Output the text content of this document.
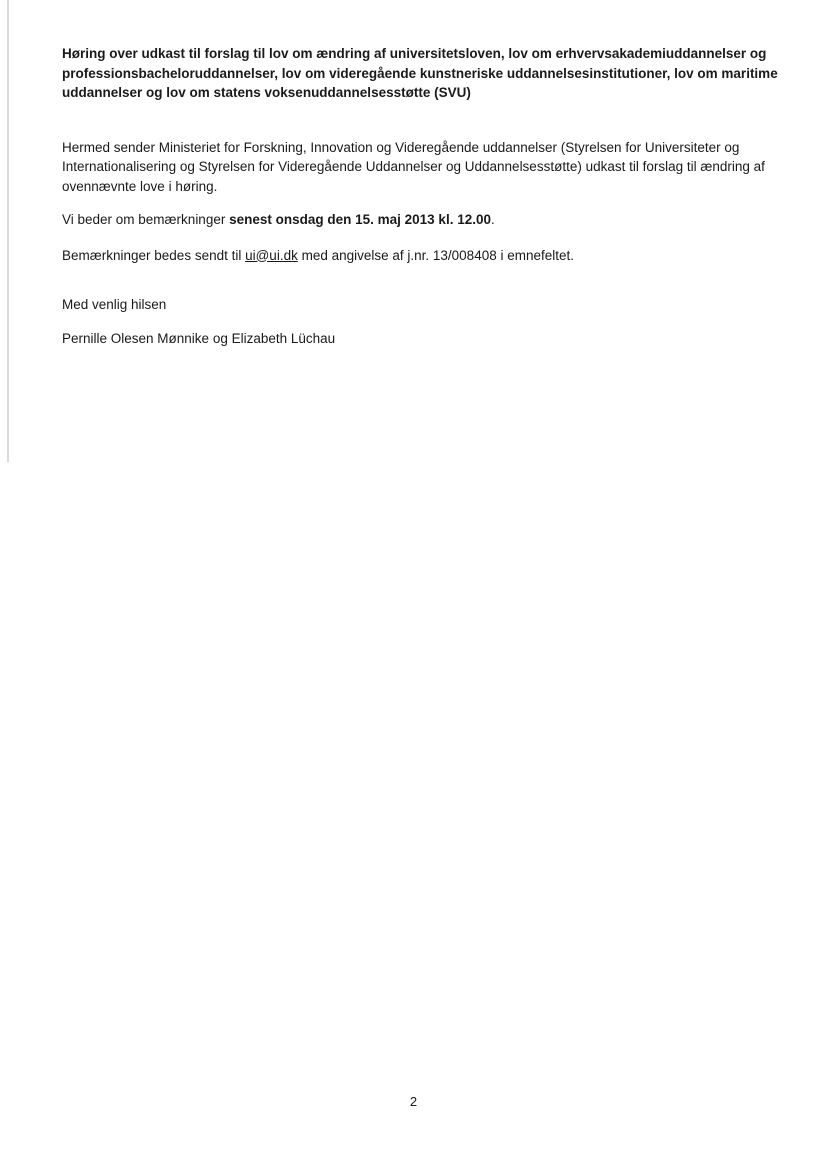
Høring over udkast til forslag til lov om ændring af universitetsloven, lov om erhvervsakademiuddannelser og professionsbacheloruddannelser, lov om videregående kunstneriske uddannelsesinstitutioner, lov om maritime uddannelser og lov om statens voksenuddannelsesstøtte (SVU)

Hermed sender Ministeriet for Forskning, Innovation og Videregående uddannelser (Styrelsen for Universiteter og Internationalisering og Styrelsen for Videregående Uddannelser og Uddannelsesstøtte) udkast til forslag til ændring af ovennævnte love i høring.

Vi beder om bemærkninger senest onsdag den 15. maj 2013 kl. 12.00.

Bemærkninger bedes sendt til ui@ui.dk med angivelse af j.nr. 13/008408 i emnefeltet.

Med venlig hilsen

Pernille Olesen Mønnike og Elizabeth Lüchau

2
